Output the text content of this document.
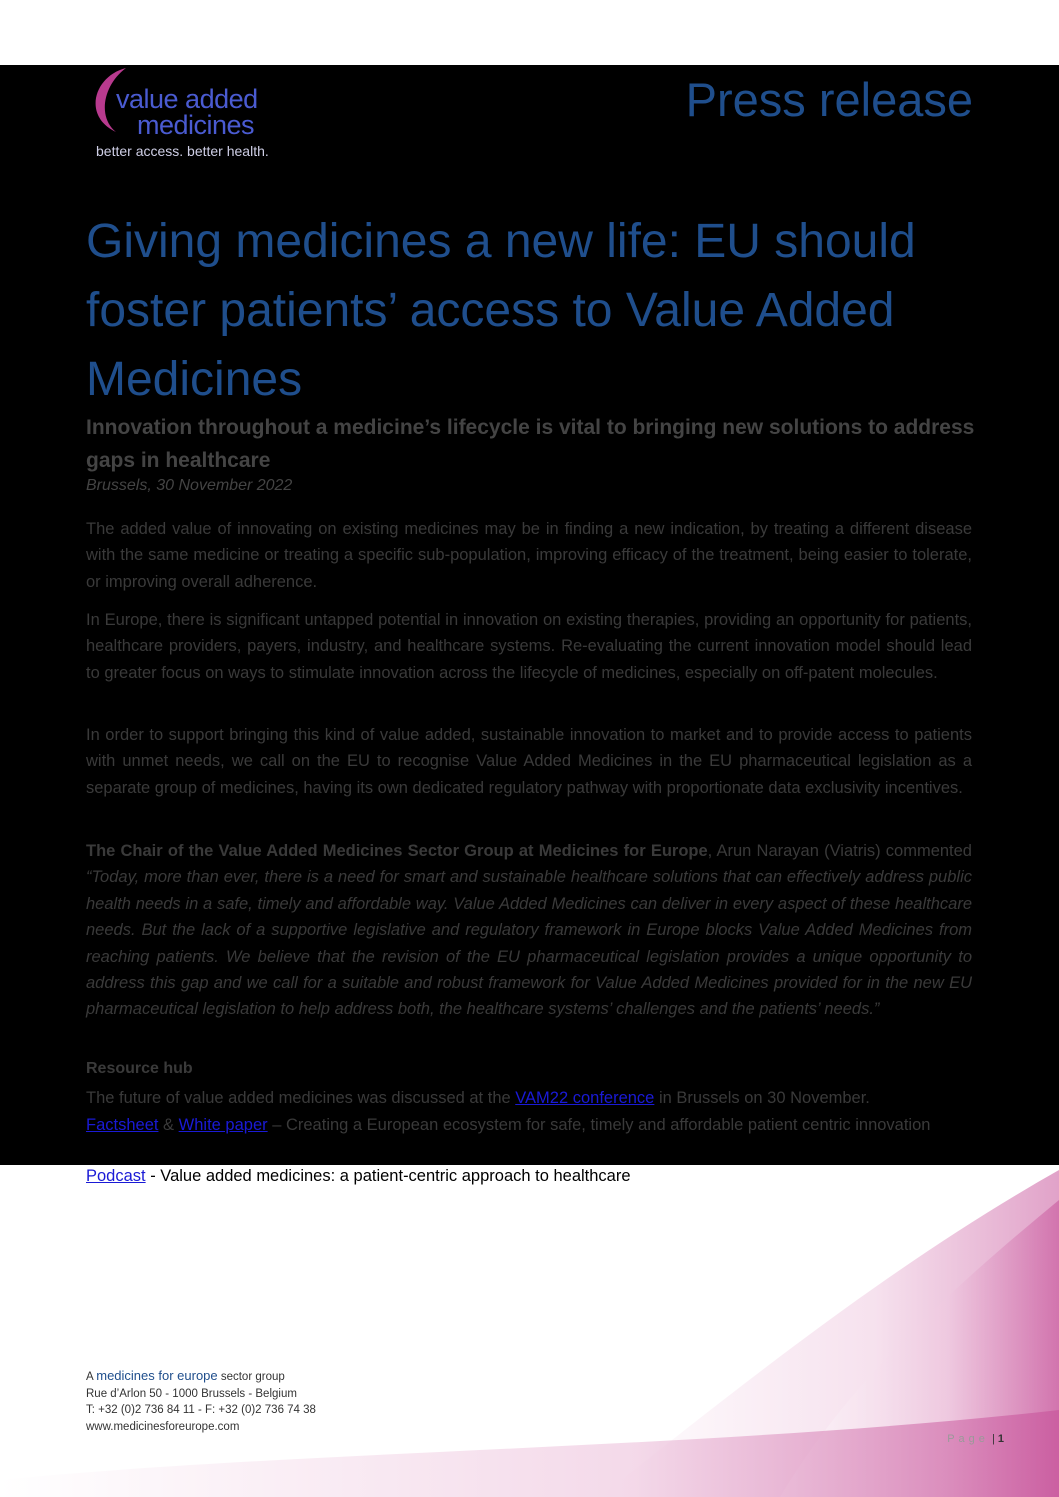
value added
medicines
better access. better health.
Press release
Giving medicines a new life: EU should foster patients’ access to Value Added Medicines
Innovation throughout a medicine’s lifecycle is vital to bringing new solutions to address gaps in healthcare
Brussels, 30 November 2022
The added value of innovating on existing medicines may be in finding a new indication, by treating a different disease with the same medicine or treating a specific sub-population, improving efficacy of the treatment, being easier to tolerate, or improving overall adherence.
In Europe, there is significant untapped potential in innovation on existing therapies, providing an opportunity for patients, healthcare providers, payers, industry, and healthcare systems. Re-evaluating the current innovation model should lead to greater focus on ways to stimulate innovation across the lifecycle of medicines, especially on off-patent molecules.
In order to support bringing this kind of value added, sustainable innovation to market and to provide access to patients with unmet needs, we call on the EU to recognise Value Added Medicines in the EU pharmaceutical legislation as a separate group of medicines, having its own dedicated regulatory pathway with proportionate data exclusivity incentives.
The Chair of the Value Added Medicines Sector Group at Medicines for Europe, Arun Narayan (Viatris) commented “Today, more than ever, there is a need for smart and sustainable healthcare solutions that can effectively address public health needs in a safe, timely and affordable way. Value Added Medicines can deliver in every aspect of these healthcare needs. But the lack of a supportive legislative and regulatory framework in Europe blocks Value Added Medicines from reaching patients. We believe that the revision of the EU pharmaceutical legislation provides a unique opportunity to address this gap and we call for a suitable and robust framework for Value Added Medicines provided for in the new EU pharmaceutical legislation to help address both, the healthcare systems’ challenges and the patients’ needs.”
Resource hub
The future of value added medicines was discussed at the VAM22 conference in Brussels on 30 November.
Factsheet & White paper – Creating a European ecosystem for safe, timely and affordable patient centric innovation
Podcast - Value added medicines: a patient-centric approach to healthcare
A medicines for europe sector group
Rue d’Arlon 50 - 1000 Brussels - Belgium
T: +32 (0)2 736 84 11 - F: +32 (0)2 736 74 38
www.medicinesforeurope.com
Page | 1
